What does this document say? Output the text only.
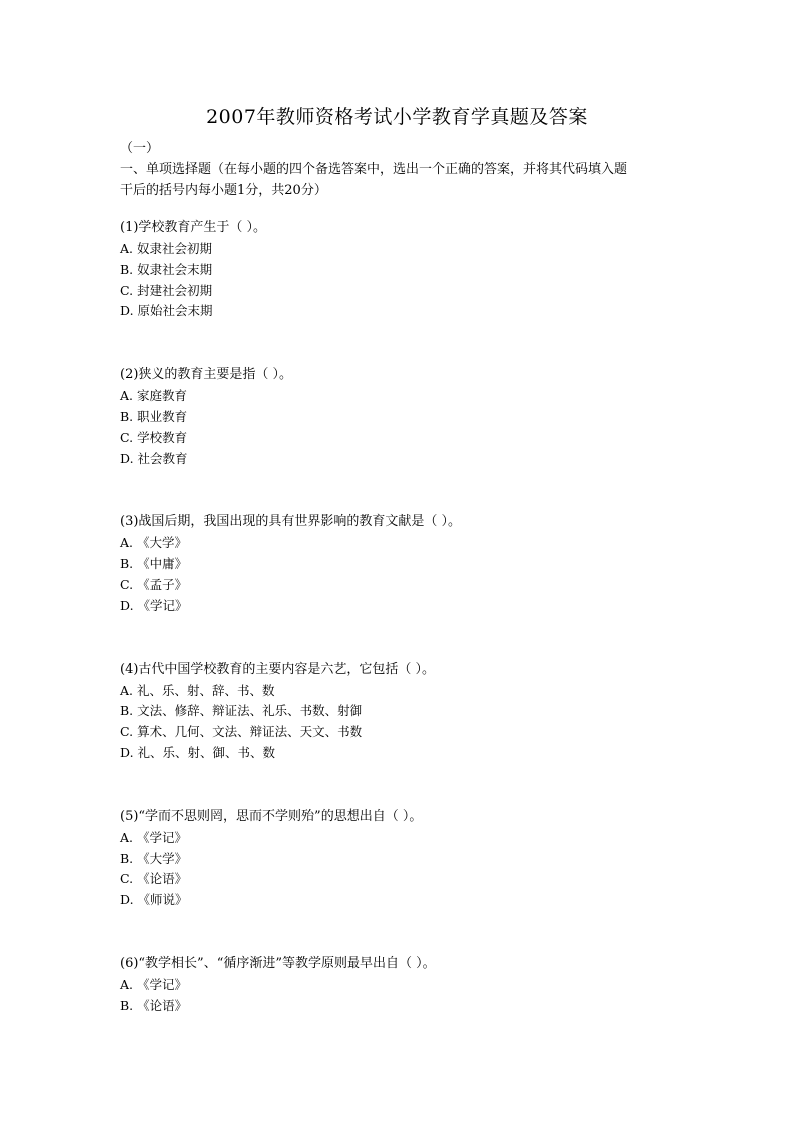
2007年教师资格考试小学教育学真题及答案
（一）
一、单项选择题（在每小题的四个备选答案中，选出一个正确的答案，并将其代码填入题
干后的括号内每小题1分，共20分）
(1)学校教育产生于（ ）。
A. 奴隶社会初期
B. 奴隶社会末期
C. 封建社会初期
D. 原始社会末期
(2)狭义的教育主要是指（ ）。
A. 家庭教育
B. 职业教育
C. 学校教育
D. 社会教育
(3)战国后期，我国出现的具有世界影响的教育文献是（ ）。
A. 《大学》
B. 《中庸》
C. 《孟子》
D. 《学记》
(4)古代中国学校教育的主要内容是六艺，它包括（ ）。
A. 礼、乐、射、辞、书、数
B. 文法、修辞、辩证法、礼乐、书数、射御
C. 算术、几何、文法、辩证法、天文、书数
D. 礼、乐、射、御、书、数
(5)“学而不思则罔，思而不学则殆”的思想出自（ ）。
A. 《学记》
B. 《大学》
C. 《论语》
D. 《师说》
(6)“教学相长”、“循序渐进”等教学原则最早出自（ ）。
A. 《学记》
B. 《论语》
